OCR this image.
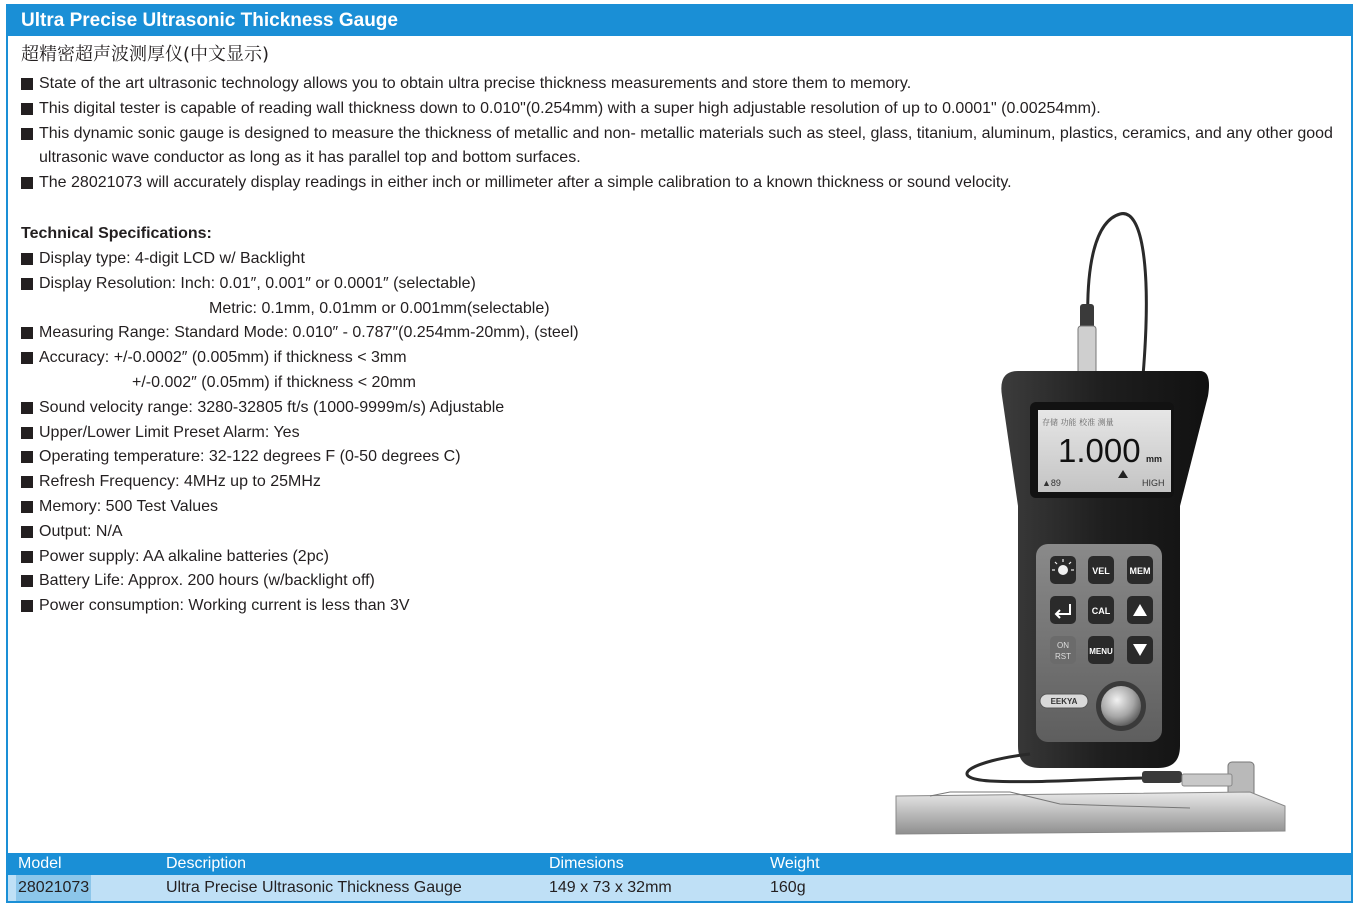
Ultra Precise Ultrasonic Thickness Gauge
超精密超声波测厚仪(中文显示)
State of the art ultrasonic technology allows you to obtain ultra precise thickness measurements and store them to memory.
This digital tester is capable of reading wall thickness down to 0.010"(0.254mm) with a super high adjustable resolution of up to 0.0001" (0.00254mm).
This dynamic sonic gauge is designed to measure the thickness of metallic and non- metallic materials such as steel, glass, titanium, aluminum, plastics, ceramics, and any other good ultrasonic wave conductor as long as it has parallel top and bottom surfaces.
The 28021073 will accurately display readings in either inch or millimeter after a simple calibration to a known thickness or sound velocity.
Technical Specifications:
Display type: 4-digit LCD w/ Backlight
Display Resolution: Inch: 0.01″, 0.001″ or 0.0001″ (selectable)
Metric: 0.1mm, 0.01mm or 0.001mm(selectable)
Measuring Range: Standard Mode: 0.010″ - 0.787″(0.254mm-20mm), (steel)
Accuracy: +/-0.0002″ (0.005mm) if thickness < 3mm
+/-0.002″ (0.05mm) if thickness < 20mm
Sound velocity range: 3280-32805 ft/s (1000-9999m/s) Adjustable
Upper/Lower Limit Preset Alarm: Yes
Operating temperature: 32-122 degrees F (0-50 degrees C)
Refresh Frequency: 4MHz up to 25MHz
Memory: 500 Test Values
Output: N/A
Power supply: AA alkaline batteries (2pc)
Battery Life: Approx. 200 hours (w/backlight off)
Power consumption: Working current is less than 3V
存储 功能 校准 测量
1.000 mm
▲89	HIGH
VEL MEM
CAL
ON
RST
MENU
EEKYA
Model	Description	Dimesions	Weight
28021073	Ultra Precise Ultrasonic Thickness Gauge	149 x 73 x 32mm	160g
